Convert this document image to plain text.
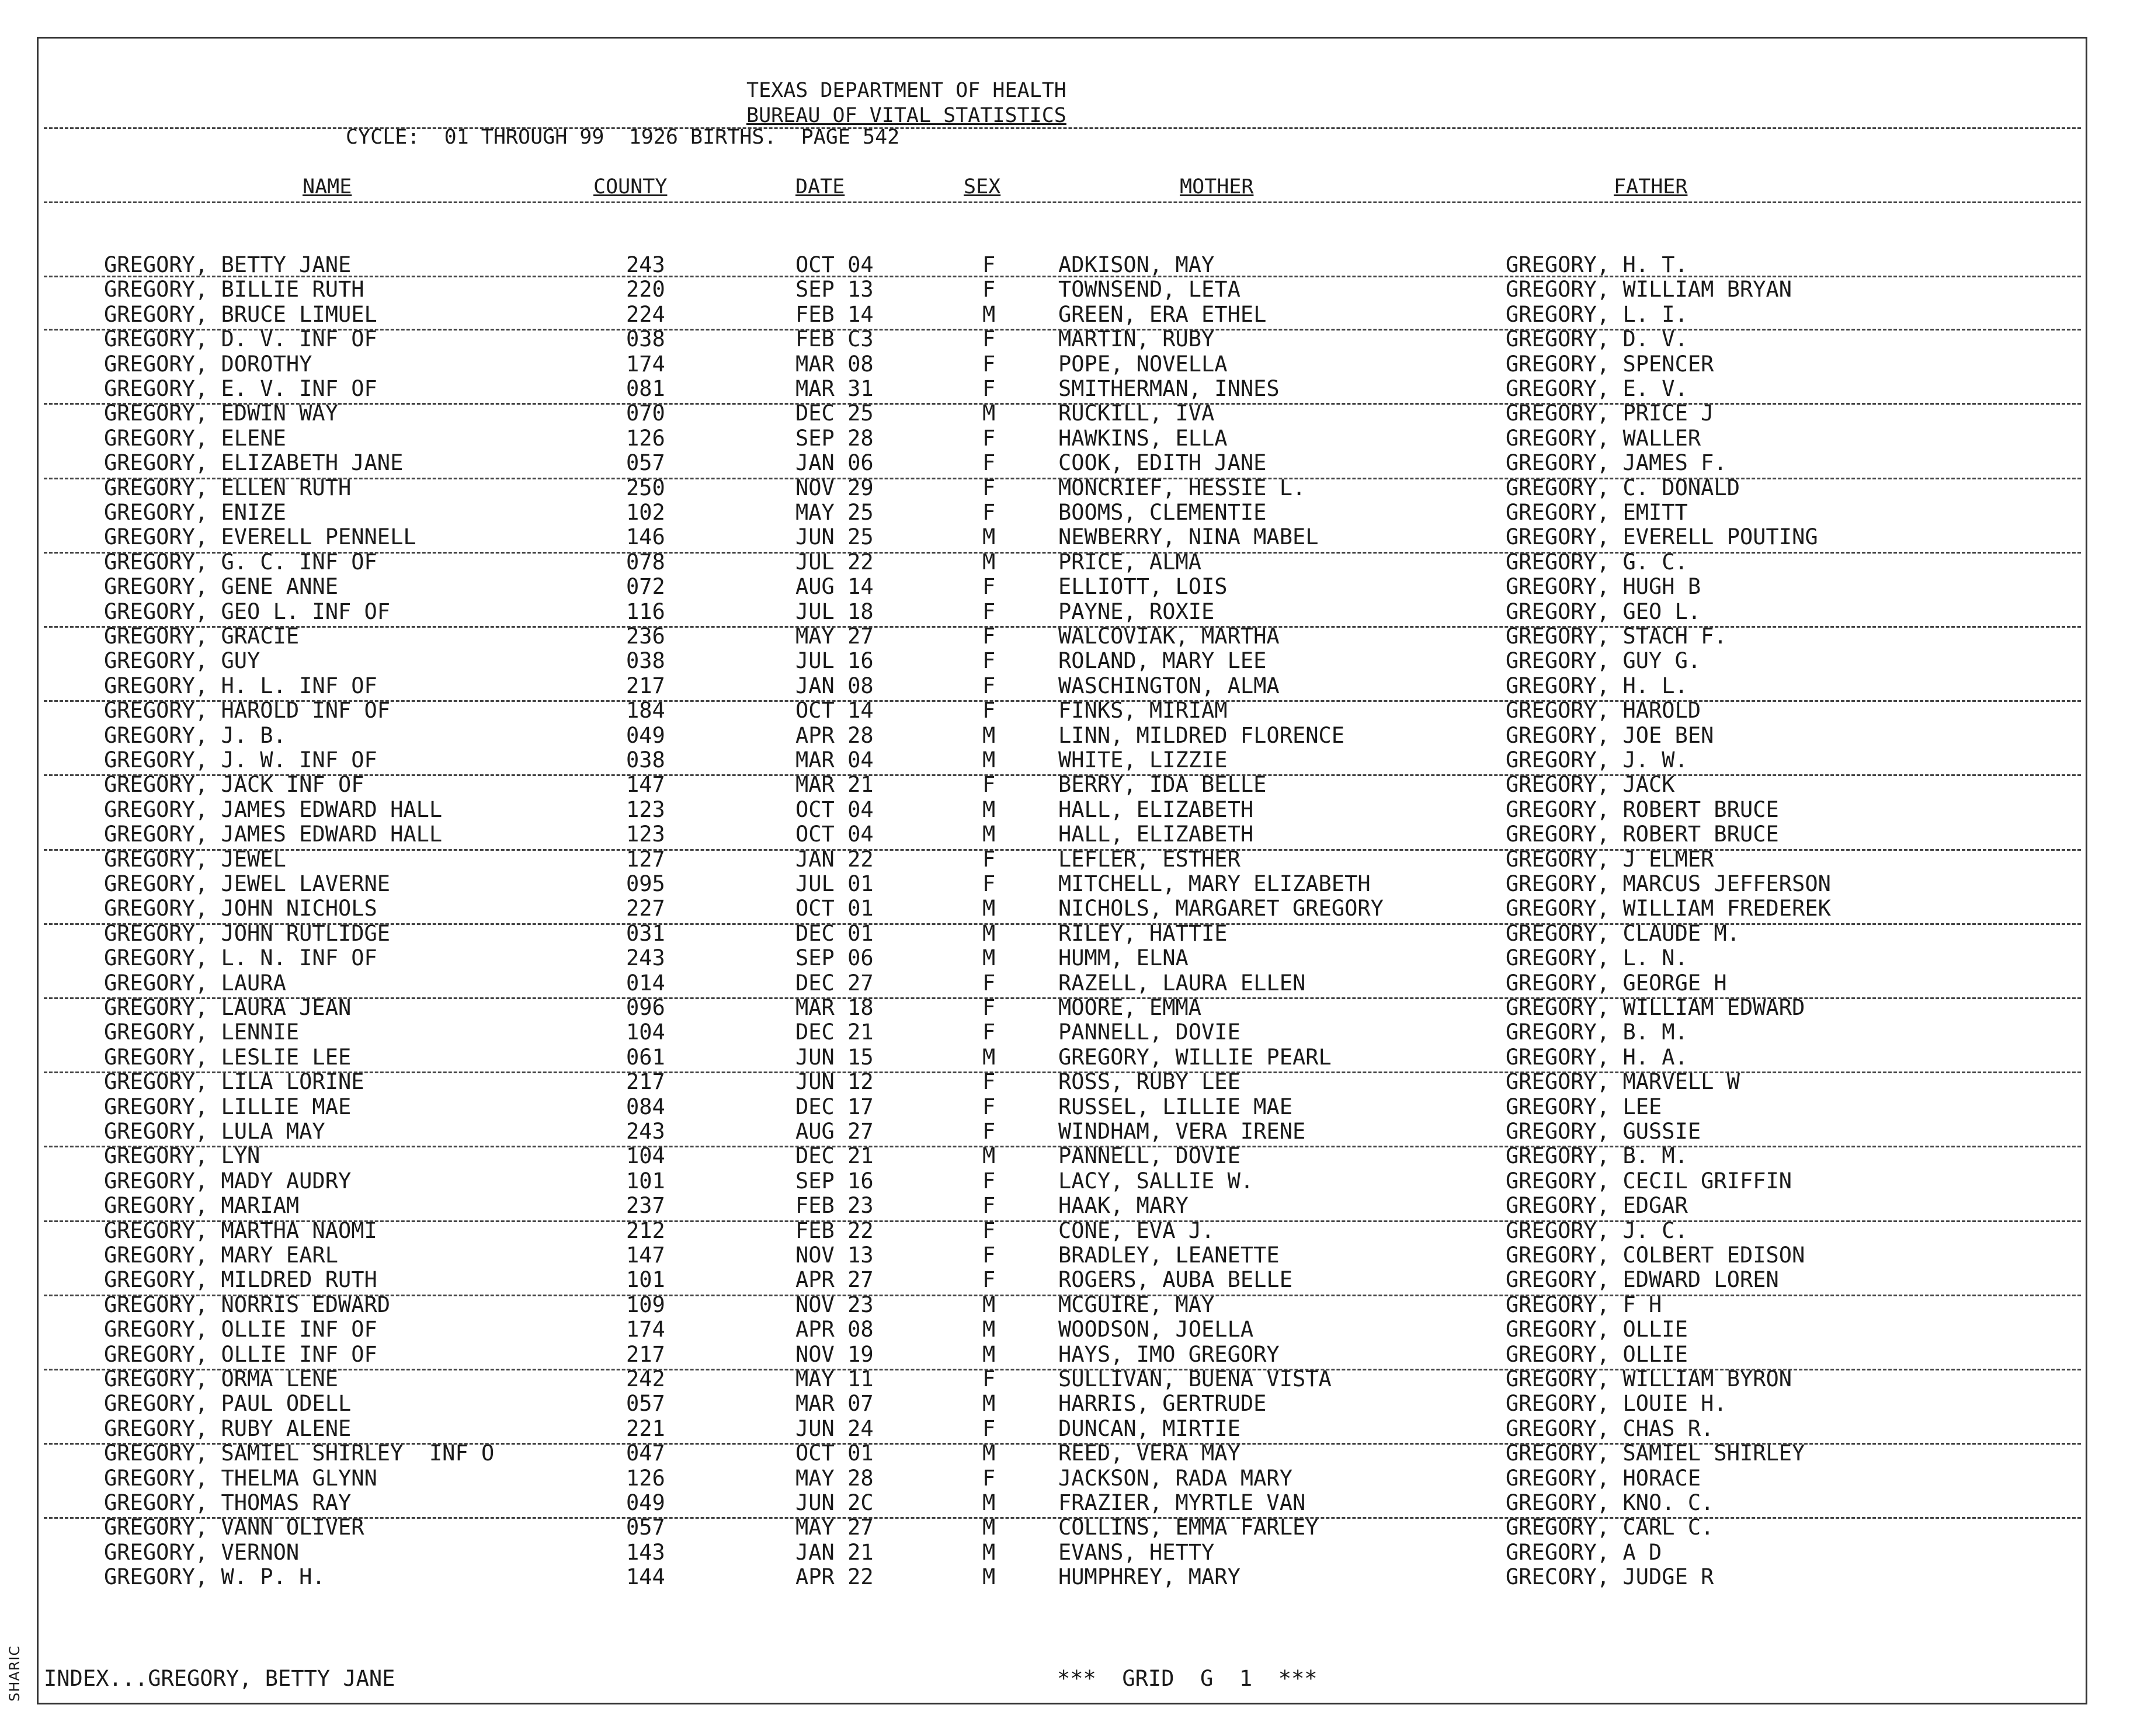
SHARIC
TEXAS DEPARTMENT OF HEALTH
BUREAU OF VITAL STATISTICS
CYCLE:  01 THROUGH 99  1926 BIRTHS.  PAGE 542
NAME	COUNTY	DATE	SEX	MOTHER	FATHER
GREGORY, BETTY JANE	243	OCT 04	F	ADKISON, MAY	GREGORY, H. T.
GREGORY, BILLIE RUTH	220	SEP 13	F	TOWNSEND, LETA	GREGORY, WILLIAM BRYAN
GREGORY, BRUCE LIMUEL	224	FEB 14	M	GREEN, ERA ETHEL	GREGORY, L. I.
GREGORY, D. V. INF OF	038	FEB C3	F	MARTIN, RUBY	GREGORY, D. V.
GREGORY, DOROTHY	174	MAR 08	F	POPE, NOVELLA	GREGORY, SPENCER
GREGORY, E. V. INF OF	081	MAR 31	F	SMITHERMAN, INNES	GREGORY, E. V.
GREGORY, EDWIN WAY	070	DEC 25	M	RUCKILL, IVA	GREGORY, PRICE J
GREGORY, ELENE	126	SEP 28	F	HAWKINS, ELLA	GREGORY, WALLER
GREGORY, ELIZABETH JANE	057	JAN 06	F	COOK, EDITH JANE	GREGORY, JAMES F.
GREGORY, ELLEN RUTH	250	NOV 29	F	MONCRIEF, HESSIE L.	GREGORY, C. DONALD
GREGORY, ENIZE	102	MAY 25	F	BOOMS, CLEMENTIE	GREGORY, EMITT
GREGORY, EVERELL PENNELL	146	JUN 25	M	NEWBERRY, NINA MABEL	GREGORY, EVERELL POUTING
GREGORY, G. C. INF OF	078	JUL 22	M	PRICE, ALMA	GREGORY, G. C.
GREGORY, GENE ANNE	072	AUG 14	F	ELLIOTT, LOIS	GREGORY, HUGH B
GREGORY, GEO L. INF OF	116	JUL 18	F	PAYNE, ROXIE	GREGORY, GEO L.
GREGORY, GRACIE	236	MAY 27	F	WALCOVIAK, MARTHA	GREGORY, STACH F.
GREGORY, GUY	038	JUL 16	F	ROLAND, MARY LEE	GREGORY, GUY G.
GREGORY, H. L. INF OF	217	JAN 08	F	WASCHINGTON, ALMA	GREGORY, H. L.
GREGORY, HAROLD INF OF	184	OCT 14	F	FINKS, MIRIAM	GREGORY, HAROLD
GREGORY, J. B.	049	APR 28	M	LINN, MILDRED FLORENCE	GREGORY, JOE BEN
GREGORY, J. W. INF OF	038	MAR 04	M	WHITE, LIZZIE	GREGORY, J. W.
GREGORY, JACK INF OF	147	MAR 21	F	BERRY, IDA BELLE	GREGORY, JACK
GREGORY, JAMES EDWARD HALL	123	OCT 04	M	HALL, ELIZABETH	GREGORY, ROBERT BRUCE
GREGORY, JAMES EDWARD HALL	123	OCT 04	M	HALL, ELIZABETH	GREGORY, ROBERT BRUCE
GREGORY, JEWEL	127	JAN 22	F	LEFLER, ESTHER	GREGORY, J ELMER
GREGORY, JEWEL LAVERNE	095	JUL 01	F	MITCHELL, MARY ELIZABETH	GREGORY, MARCUS JEFFERSON
GREGORY, JOHN NICHOLS	227	OCT 01	M	NICHOLS, MARGARET GREGORY	GREGORY, WILLIAM FREDEREK
GREGORY, JOHN RUTLIDGE	031	DEC 01	M	RILEY, HATTIE	GREGORY, CLAUDE M.
GREGORY, L. N. INF OF	243	SEP 06	M	HUMM, ELNA	GREGORY, L. N.
GREGORY, LAURA	014	DEC 27	F	RAZELL, LAURA ELLEN	GREGORY, GEORGE H
GREGORY, LAURA JEAN	096	MAR 18	F	MOORE, EMMA	GREGORY, WILLIAM EDWARD
GREGORY, LENNIE	104	DEC 21	F	PANNELL, DOVIE	GREGORY, B. M.
GREGORY, LESLIE LEE	061	JUN 15	M	GREGORY, WILLIE PEARL	GREGORY, H. A.
GREGORY, LILA LORINE	217	JUN 12	F	ROSS, RUBY LEE	GREGORY, MARVELL W
GREGORY, LILLIE MAE	084	DEC 17	F	RUSSEL, LILLIE MAE	GREGORY, LEE
GREGORY, LULA MAY	243	AUG 27	F	WINDHAM, VERA IRENE	GREGORY, GUSSIE
GREGORY, LYN	104	DEC 21	M	PANNELL, DOVIE	GREGORY, B. M.
GREGORY, MADY AUDRY	101	SEP 16	F	LACY, SALLIE W.	GREGORY, CECIL GRIFFIN
GREGORY, MARIAM	237	FEB 23	F	HAAK, MARY	GREGORY, EDGAR
GREGORY, MARTHA NAOMI	212	FEB 22	F	CONE, EVA J.	GREGORY, J. C.
GREGORY, MARY EARL	147	NOV 13	F	BRADLEY, LEANETTE	GREGORY, COLBERT EDISON
GREGORY, MILDRED RUTH	101	APR 27	F	ROGERS, AUBA BELLE	GREGORY, EDWARD LOREN
GREGORY, NORRIS EDWARD	109	NOV 23	M	MCGUIRE, MAY	GREGORY, F H
GREGORY, OLLIE INF OF	174	APR 08	M	WOODSON, JOELLA	GREGORY, OLLIE
GREGORY, OLLIE INF OF	217	NOV 19	M	HAYS, IMO GREGORY	GREGORY, OLLIE
GREGORY, ORMA LENE	242	MAY 11	F	SULLIVAN, BUENA VISTA	GREGORY, WILLIAM BYRON
GREGORY, PAUL ODELL	057	MAR 07	M	HARRIS, GERTRUDE	GREGORY, LOUIE H.
GREGORY, RUBY ALENE	221	JUN 24	F	DUNCAN, MIRTIE	GREGORY, CHAS R.
GREGORY, SAMIEL SHIRLEY  INF O	047	OCT 01	M	REED, VERA MAY	GREGORY, SAMIEL SHIRLEY
GREGORY, THELMA GLYNN	126	MAY 28	F	JACKSON, RADA MARY	GREGORY, HORACE
GREGORY, THOMAS RAY	049	JUN 2C	M	FRAZIER, MYRTLE VAN	GREGORY, KNO. C.
GREGORY, VANN OLIVER	057	MAY 27	M	COLLINS, EMMA FARLEY	GREGORY, CARL C.
GREGORY, VERNON	143	JAN 21	M	EVANS, HETTY	GREGORY, A D
GREGORY, W. P. H.	144	APR 22	M	HUMPHREY, MARY	GRECORY, JUDGE R
INDEX...GREGORY, BETTY JANE	***  GRID  G  1  ***
